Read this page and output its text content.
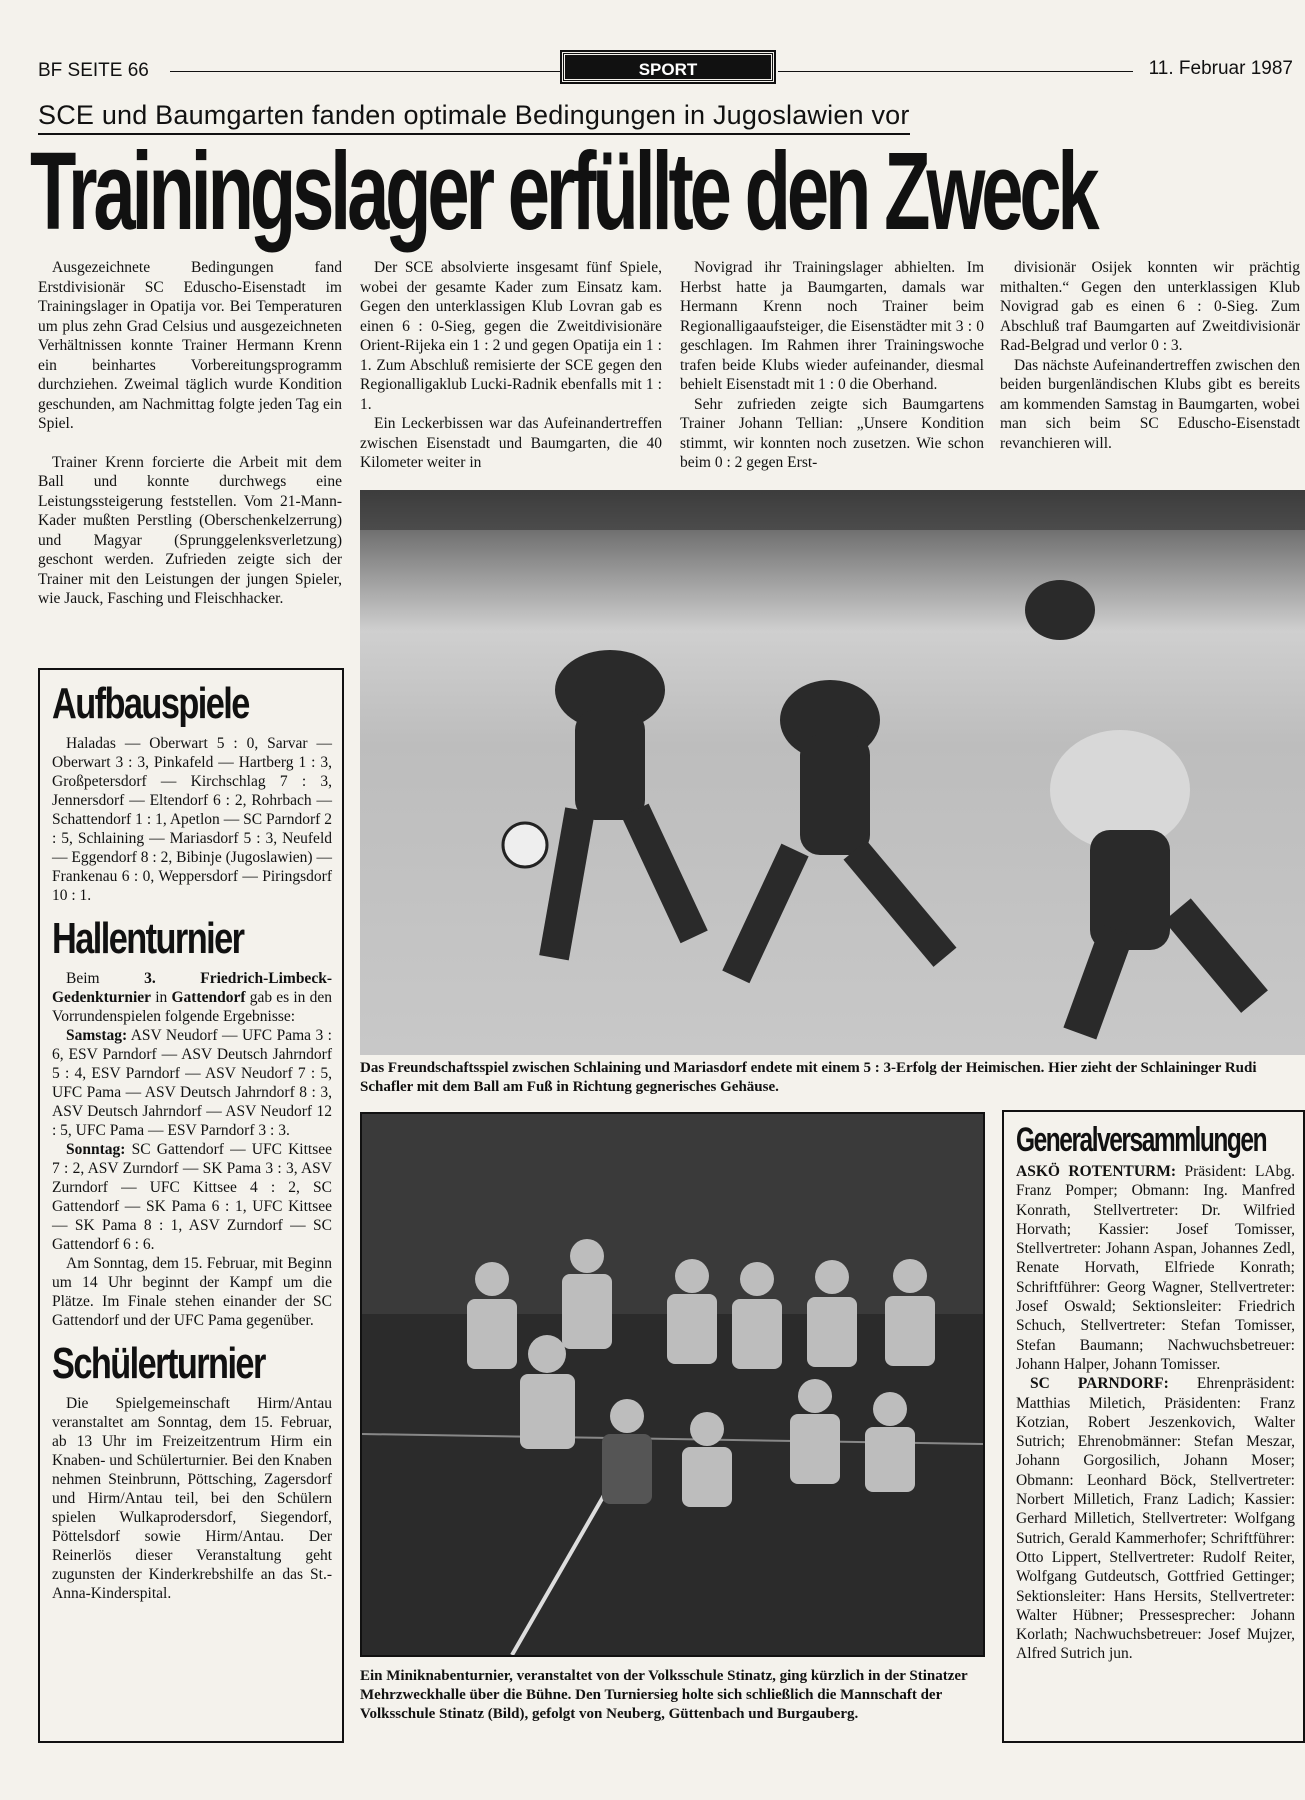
BF SEITE 66	SPORT	11. Februar 1987
SCE und Baumgarten fanden optimale Bedingungen in Jugoslawien vor
Trainingslager erfüllte den Zweck

Ausgezeichnete Bedingungen fand Erstdivisionär SC Eduscho-Eisenstadt im Trainingslager in Opatija vor. Bei Temperaturen um plus zehn Grad Celsius und ausgezeichneten Verhältnissen konnte Trainer Hermann Krenn ein beinhartes Vorbereitungsprogramm durchziehen. Zweimal täglich wurde Kondition geschunden, am Nachmittag folgte jeden Tag ein Spiel.

Trainer Krenn forcierte die Arbeit mit dem Ball und konnte durchwegs eine Leistungssteigerung feststellen. Vom 21-Mann-Kader mußten Perstling (Oberschenkelzerrung) und Magyar (Sprunggelenksverletzung) geschont werden. Zufrieden zeigte sich der Trainer mit den Leistungen der jungen Spieler, wie Jauck, Fasching und Fleischhacker.

Der SCE absolvierte insgesamt fünf Spiele, wobei der gesamte Kader zum Einsatz kam. Gegen den unterklassigen Klub Lovran gab es einen 6 : 0-Sieg, gegen die Zweitdivisionäre Orient-Rijeka ein 1 : 2 und gegen Opatija ein 1 : 1. Zum Abschluß remisierte der SCE gegen den Regionalligaklub Lucki-Radnik ebenfalls mit 1 : 1.

Ein Leckerbissen war das Aufeinandertreffen zwischen Eisenstadt und Baumgarten, die 40 Kilometer weiter in

Novigrad ihr Trainingslager abhielten. Im Herbst hatte ja Baumgarten, damals war Hermann Krenn noch Trainer beim Regionalligaaufsteiger, die Eisenstädter mit 3 : 0 geschlagen. Im Rahmen ihrer Trainingswoche trafen beide Klubs wieder aufeinander, diesmal behielt Eisenstadt mit 1 : 0 die Oberhand.

Sehr zufrieden zeigte sich Baumgartens Trainer Johann Tellian: „Unsere Kondition stimmt, wir konnten noch zusetzen. Wie schon beim 0 : 2 gegen Erst-

divisionär Osijek konnten wir prächtig mithalten.“ Gegen den unterklassigen Klub Novigrad gab es einen 6 : 0-Sieg. Zum Abschluß traf Baumgarten auf Zweitdivisionär Rad-Belgrad und verlor 0 : 3.

Das nächste Aufeinandertreffen zwischen den beiden burgenländischen Klubs gibt es bereits am kommenden Samstag in Baumgarten, wobei man sich beim SC Eduscho-Eisenstadt revanchieren will.

Aufbauspiele

Haladas — Oberwart 5 : 0, Sarvar — Oberwart 3 : 3, Pinkafeld — Hartberg 1 : 3, Großpetersdorf — Kirchschlag 7 : 3, Jennersdorf — Eltendorf 6 : 2, Rohrbach — Schattendorf 1 : 1, Apetlon — SC Parndorf 2 : 5, Schlaining — Mariasdorf 5 : 3, Neufeld — Eggendorf 8 : 2, Bibinje (Jugoslawien) — Frankenau 6 : 0, Weppersdorf — Piringsdorf 10 : 1.

Hallenturnier

Beim 3. Friedrich-Limbeck-Gedenkturnier in Gattendorf gab es in den Vorrundenspielen folgende Ergebnisse:

Samstag: ASV Neudorf — UFC Pama 3 : 6, ESV Parndorf — ASV Deutsch Jahrndorf 5 : 4, ESV Parndorf — ASV Neudorf 7 : 5, UFC Pama — ASV Deutsch Jahrndorf 8 : 3, ASV Deutsch Jahrndorf — ASV Neudorf 12 : 5, UFC Pama — ESV Parndorf 3 : 3.

Sonntag: SC Gattendorf — UFC Kittsee 7 : 2, ASV Zurndorf — SK Pama 3 : 3, ASV Zurndorf — UFC Kittsee 4 : 2, SC Gattendorf — SK Pama 6 : 1, UFC Kittsee — SK Pama 8 : 1, ASV Zurndorf — SC Gattendorf 6 : 6.

Am Sonntag, dem 15. Februar, mit Beginn um 14 Uhr beginnt der Kampf um die Plätze. Im Finale stehen einander der SC Gattendorf und der UFC Pama gegenüber.

Schülerturnier

Die Spielgemeinschaft Hirm/Antau veranstaltet am Sonntag, dem 15. Februar, ab 13 Uhr im Freizeitzentrum Hirm ein Knaben- und Schülerturnier. Bei den Knaben nehmen Steinbrunn, Pöttsching, Zagersdorf und Hirm/Antau teil, bei den Schülern spielen Wulkaprodersdorf, Siegendorf, Pöttelsdorf sowie Hirm/Antau. Der Reinerlös dieser Veranstaltung geht zugunsten der Kinderkrebshilfe an das St.-Anna-Kinderspital.

Das Freundschaftsspiel zwischen Schlaining und Mariasdorf endete mit einem 5 : 3-Erfolg der Heimischen. Hier zieht der Schlaininger Rudi Schafler mit dem Ball am Fuß in Richtung gegnerisches Gehäuse.
Ein Miniknabenturnier, veranstaltet von der Volksschule Stinatz, ging kürzlich in der Stinatzer Mehrzweckhalle über die Bühne. Den Turniersieg holte sich schließlich die Mannschaft der Volksschule Stinatz (Bild), gefolgt von Neuberg, Güttenbach und Burgauberg.
Generalversammlungen
ASKÖ ROTENTURM: Präsident: LAbg. Franz Pomper; Obmann: Ing. Manfred Konrath, Stellvertreter: Dr. Wilfried Horvath; Kassier: Josef Tomisser, Stellvertreter: Johann Aspan, Johannes Zedl, Renate Horvath, Elfriede Konrath; Schriftführer: Georg Wagner, Stellvertreter: Josef Oswald; Sektionsleiter: Friedrich Schuch, Stellvertreter: Stefan Tomisser, Stefan Baumann; Nachwuchsbetreuer: Johann Halper, Johann Tomisser.
SC PARNDORF: Ehrenpräsident: Matthias Miletich, Präsidenten: Franz Kotzian, Robert Jeszenkovich, Walter Sutrich; Ehrenobmänner: Stefan Meszar, Johann Gorgosilich, Johann Moser; Obmann: Leonhard Böck, Stellvertreter: Norbert Milletich, Franz Ladich; Kassier: Gerhard Milletich, Stellvertreter: Wolfgang Sutrich, Gerald Kammerhofer; Schriftführer: Otto Lippert, Stellvertreter: Rudolf Reiter, Wolfgang Gutdeutsch, Gottfried Gettinger; Sektionsleiter: Hans Hersits, Stellvertreter: Walter Hübner; Pressesprecher: Johann Korlath; Nachwuchsbetreuer: Josef Mujzer, Alfred Sutrich jun.
